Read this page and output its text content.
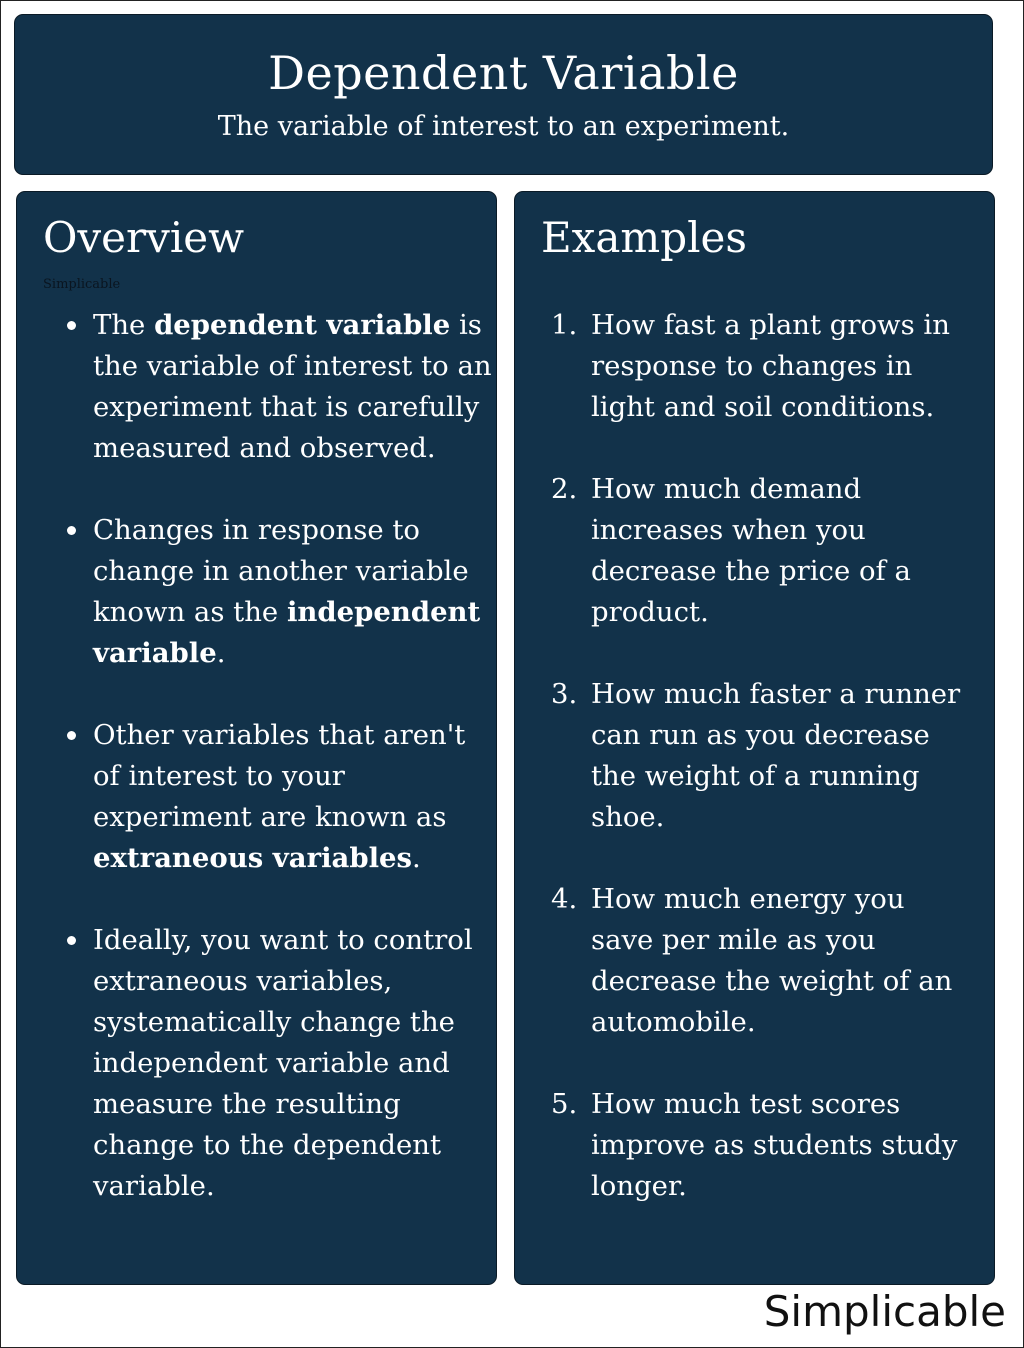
Dependent Variable
The variable of interest to an experiment.
Overview
Simplicable
The dependent variable is the variable of interest to an experiment that is carefully measured and observed.
Changes in response to change in another variable known as the independent variable.
Other variables that aren't of interest to your experiment are known as extraneous variables.
Ideally, you want to control extraneous variables, systematically change the independent variable and measure the resulting change to the dependent variable.
Examples
1. How fast a plant grows in response to changes in light and soil conditions.
2. How much demand increases when you decrease the price of a product.
3. How much faster a runner can run as you decrease the weight of a running shoe.
4. How much energy you save per mile as you decrease the weight of an automobile.
5. How much test scores improve as students study longer.
Simplicable
